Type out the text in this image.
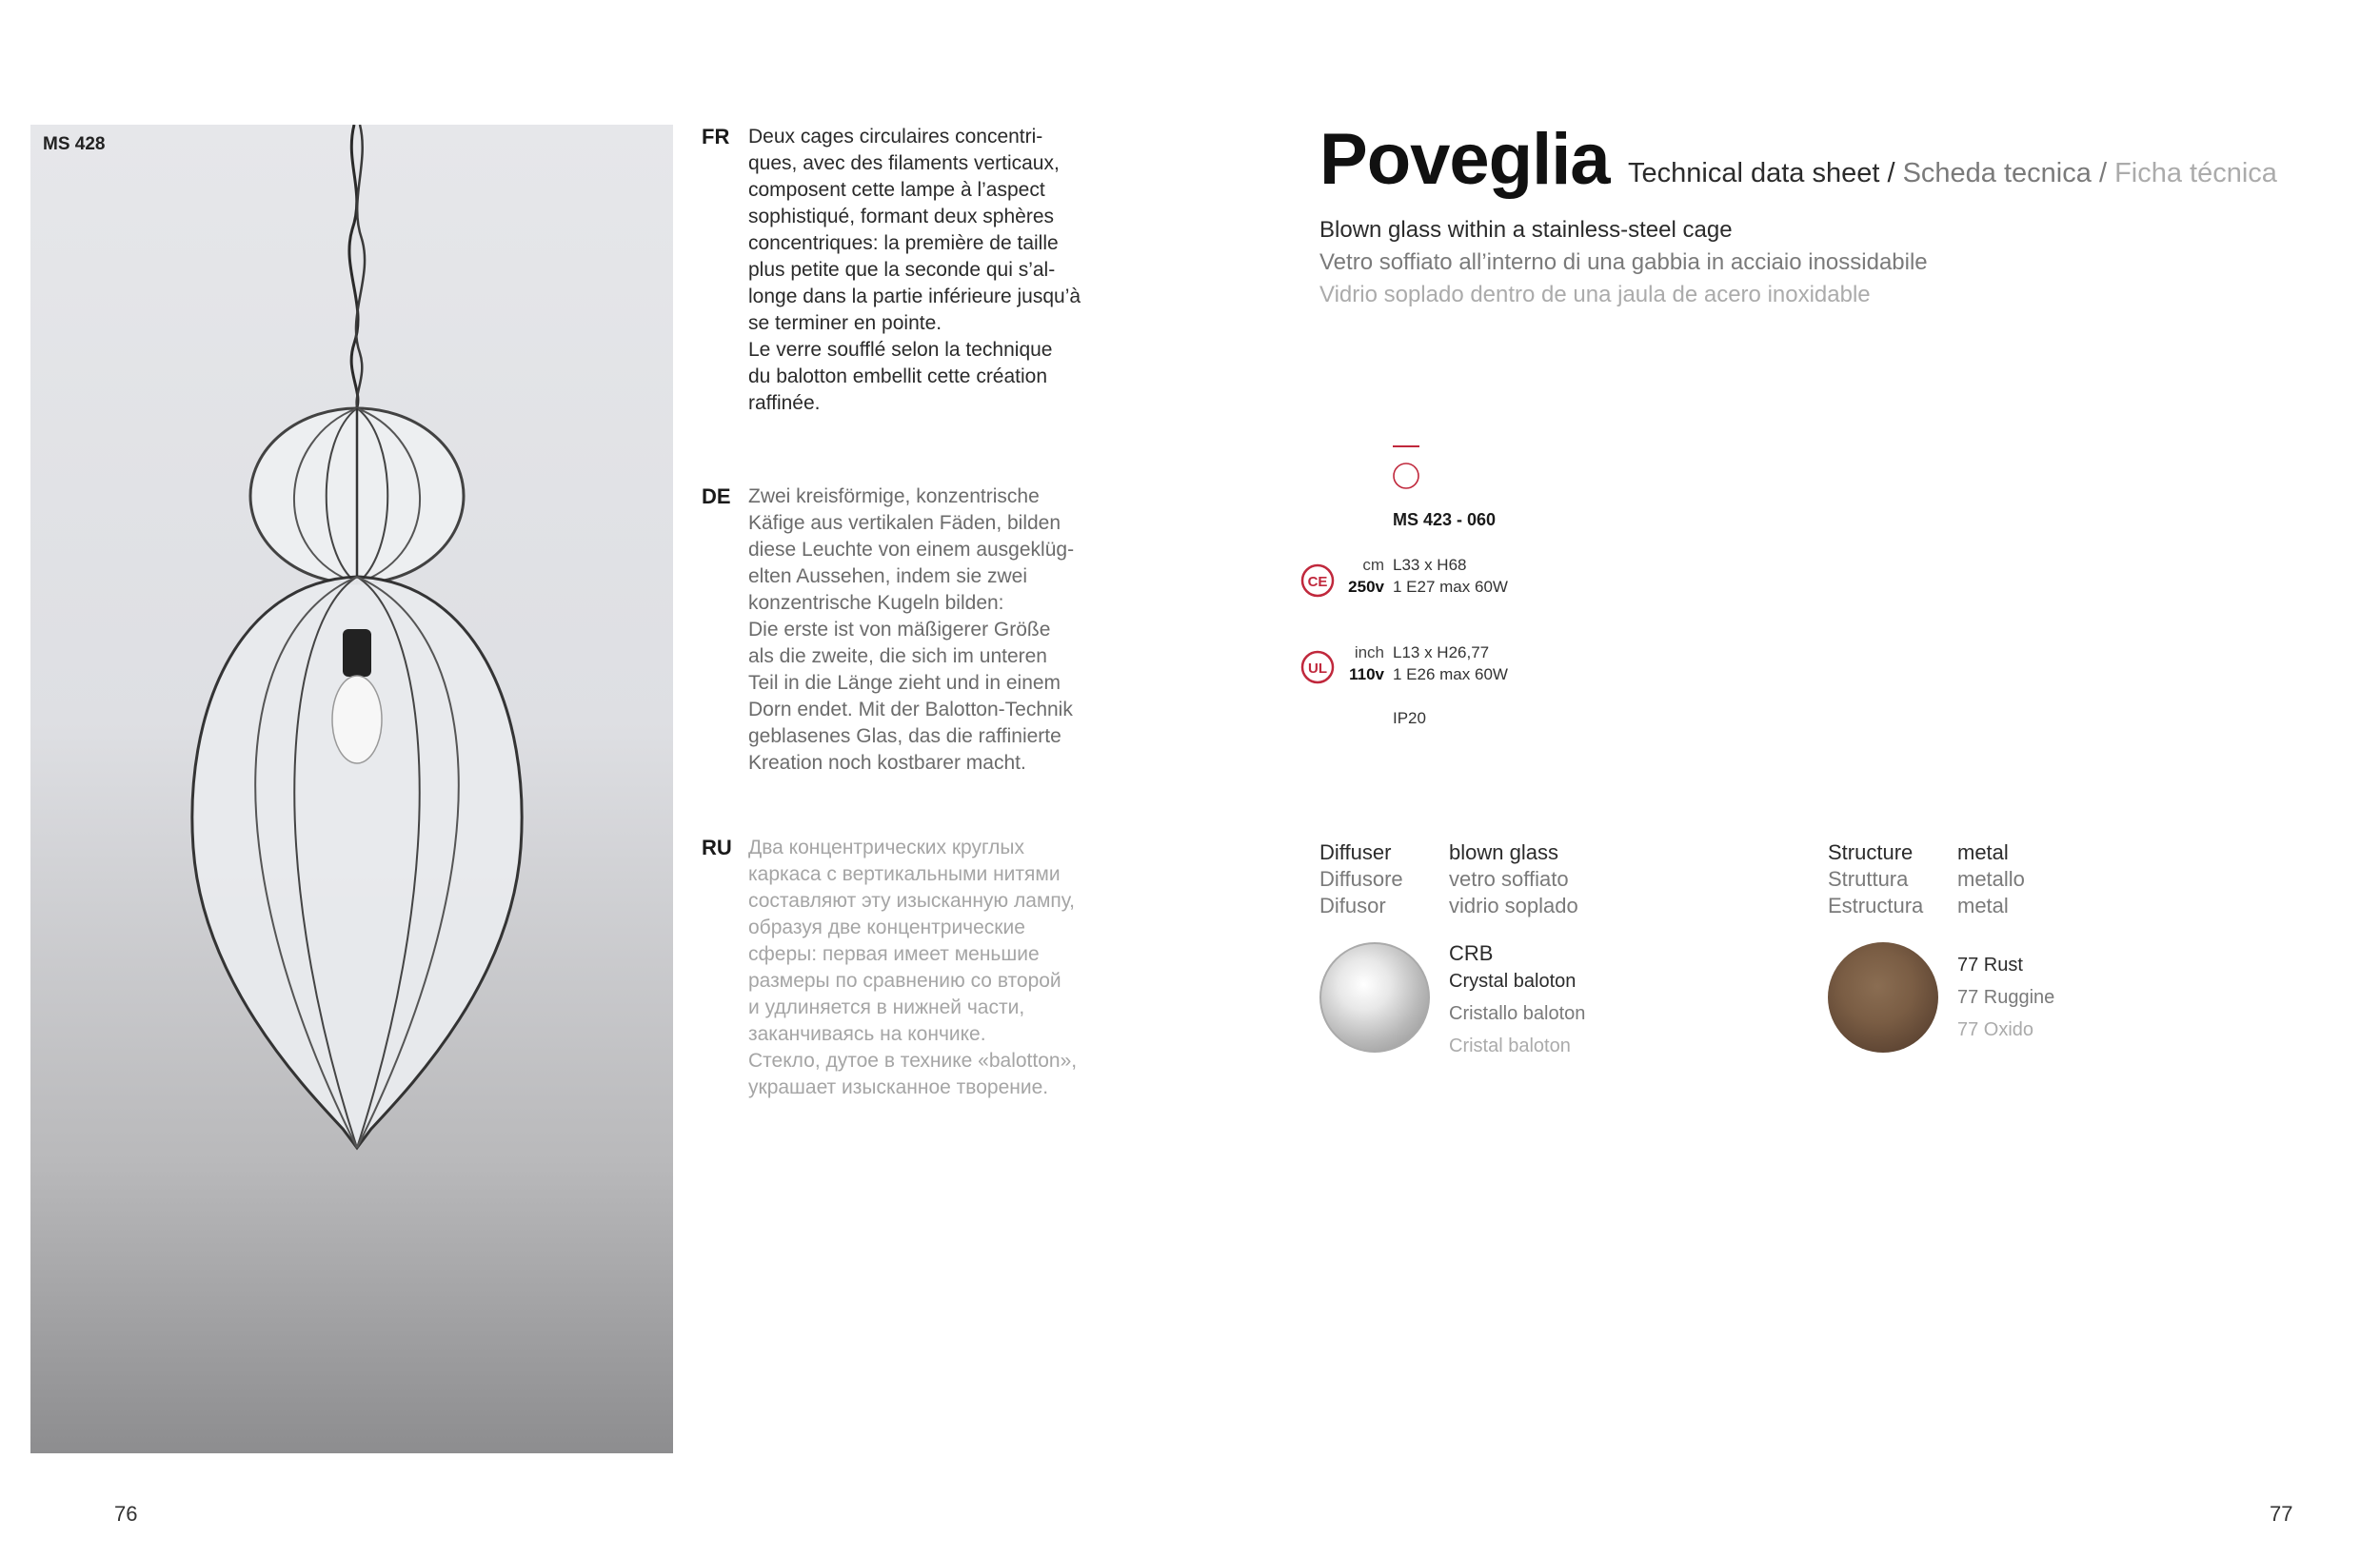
MS 428	FR Deux cages circulaires concentri-
ques, avec des filaments verticaux,
composent cette lampe à l’aspect
sophistiqué, formant deux sphères
concentriques: la première de taille
plus petite que la seconde qui s’al-
longe dans la partie inférieure jusqu’à
se terminer en pointe.
Le verre soufflé selon la technique
du balotton embellit cette création
raffinée.
DE Zwei kreisförmige, konzentrische
Käfige aus vertikalen Fäden, bilden
diese Leuchte von einem ausgeklüg-
elten Aussehen, indem sie zwei
konzentrische Kugeln bilden:
Die erste ist von mäßigerer Größe
als die zweite, die sich im unteren
Teil in die Länge zieht und in einem
Dorn endet. Mit der Balotton-Technik
geblasenes Glas, das die raffinierte
Kreation noch kostbarer macht.
RU Два концентрических круглых
каркаса с вертикальными нитями
составляют эту изысканную лампу,
образуя две концентрические
сферы: первая имеет меньшие
размеры по сравнению со второй
и удлиняется в нижней части,
заканчиваясь на кончике.
Стекло, дутое в технике «balotton»,
украшает изысканное творение.
76
Poveglia Technical data sheet / Scheda tecnica / Ficha técnica
Blown glass within a stainless-steel cage
Vetro soffiato all’interno di una gabbia in acciaio inossidabile
Vidrio soplado dentro de una jaula de acero inoxidable
MS 423 - 060
CE
cm
250v
L33 x H68
1 E27 max 60W
UL
inch
110v
L13 x H26,77
1 E26 max 60W
IP20
Diffuser
Diffusore
Difusor
blown glass
vetro soffiato
vidrio soplado
CRB
Crystal baloton
Cristallo baloton
Cristal baloton
Structure
Struttura
Estructura
metal
metallo
metal
77 Rust
77 Ruggine
77 Oxido
77
